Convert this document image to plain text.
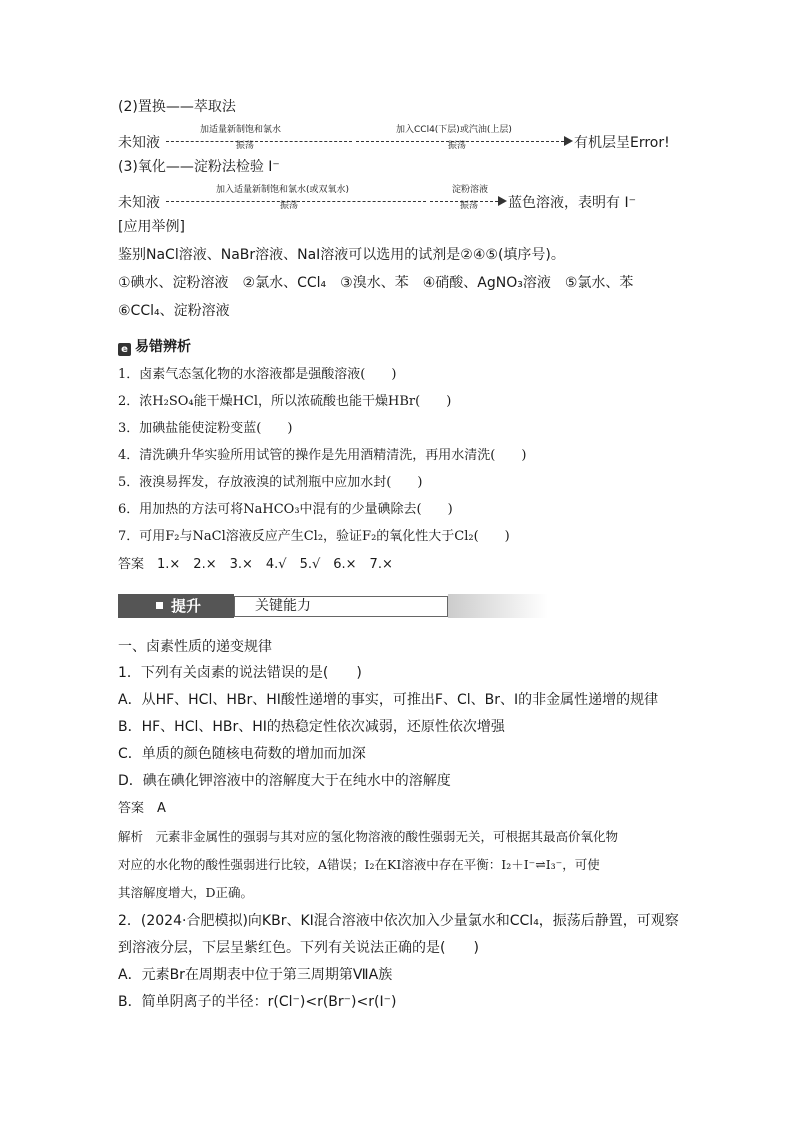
(2)置换——萃取法
未知液
加适量新制饱和氯水
振荡
加入CCl4(下层)或汽油(上层)
振荡	有机层呈Error!
(3)氧化——淀粉法检验 I⁻
未知液
加入适量新制饱和氯水(或双氧水)
振荡
淀粉溶液
振荡 蓝色溶液，表明有 I⁻
[应用举例]
鉴别NaCl溶液、NaBr溶液、NaI溶液可以选用的试剂是②④⑤(填序号)。
①碘水、淀粉溶液　②氯水、CCl₄　③溴水、苯　④硝酸、AgNO₃溶液　⑤氯水、苯
⑥CCl₄、淀粉溶液
e 易错辨析
1．卤素气态氢化物的水溶液都是强酸溶液(　　)
2．浓H₂SO₄能干燥HCl，所以浓硫酸也能干燥HBr(　　)
3．加碘盐能使淀粉变蓝(　　)
4．清洗碘升华实验所用试管的操作是先用酒精清洗，再用水清洗(　　)
5．液溴易挥发，存放液溴的试剂瓶中应加水封(　　)
6．用加热的方法可将NaHCO₃中混有的少量碘除去(　　)
7．可用F₂与NaCl溶液反应产生Cl₂，验证F₂的氧化性大于Cl₂(　　)
答案　1.×　2.×　3.×　4.√　5.√　6.×　7.×
提升	关键能力
一、卤素性质的递变规律
1．下列有关卤素的说法错误的是(　　)
A．从HF、HCl、HBr、HI酸性递增的事实，可推出F、Cl、Br、I的非金属性递增的规律
B．HF、HCl、HBr、HI的热稳定性依次减弱，还原性依次增强
C．单质的颜色随核电荷数的增加而加深
D．碘在碘化钾溶液中的溶解度大于在纯水中的溶解度
答案　A
解析　元素非金属性的强弱与其对应的氢化物溶液的酸性强弱无关，可根据其最高价氧化物
对应的水化物的酸性强弱进行比较，A错误；I₂在KI溶液中存在平衡：I₂＋I⁻⇌I₃⁻，可使
其溶解度增大，D正确。
2．(2024·合肥模拟)向KBr、KI混合溶液中依次加入少量氯水和CCl₄，振荡后静置，可观察
到溶液分层，下层呈紫红色。下列有关说法正确的是(　　)
A．元素Br在周期表中位于第三周期第ⅦA族
B．简单阴离子的半径：r(Cl⁻)<r(Br⁻)<r(I⁻)
